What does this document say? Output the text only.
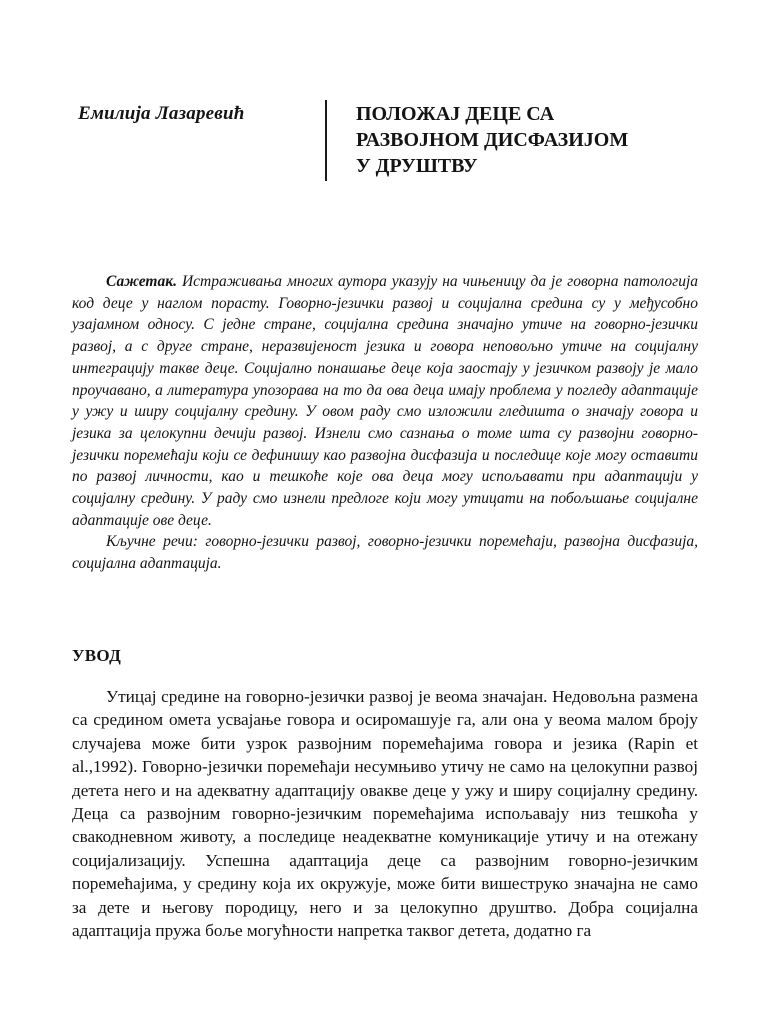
Емилија Лазаревић	ПОЛОЖАЈ ДЕЦЕ СА
РАЗВОЈНОМ ДИСФАЗИЈОМ
У ДРУШТВУ

Сажетак. Истраживања многих аутора указују на чињеницу да је говорна патологија код деце у наглом порасту. Говорно-језички развој и социјална средина су у међусобно узајамном односу. С једне стране, социјална средина значајно утиче на говорно-језички развој, а с друге стране, неразвијеност језика и говора неповољно утиче на социјалну интеграцију такве деце. Социјално понашање деце која заостају у језичком развоју је мало проучавано, а литература упозорава на то да ова деца имају проблема у погледу адаптације у ужу и ширу социјалну средину. У овом раду смо изложили гледишта о значају говора и језика за целокупни дечији развој. Изнели смо сазнања о томе шта су развојни говорно-језички поремећаји који се дефинишу као развојна дисфазија и последице које могу оставити по развој личности, као и тешкоће које ова деца могу испољавати при адаптацији у социјалну средину. У раду смо изнели предлоге који могу утицати на побољшање социјалне адаптације ове деце.

Кључне речи: говорно-језички развој, говорно-језички поремећаји, развојна дисфазија, социјална адаптација.

УВОД

Утицај средине на говорно-језички развој је веома значајан. Недовољна размена са средином омета усвајање говора и осиромашује га, али она у веома малом броју случајева може бити узрок развојним поремећајима говора и језика (Rapin et al.,1992). Говорно-језички поремећаји несумњиво утичу не само на целокупни развој детета него и на адекватну адаптацију овакве деце у ужу и ширу социјалну средину. Деца са развојним говорно-језичким поремећајима испољавају низ тешкоћа у свакодневном животу, а последице неадекватне комуникације утичу и на отежану социјализацију. Успешна адаптација деце са развојним говорно-језичким поремећајима, у средину која их окружује, може бити вишеструко значајна не само за дете и његову породицу, него и за целокупно друштво. Добра социјална адаптација пружа боље могућности напретка таквог детета, додатно га
